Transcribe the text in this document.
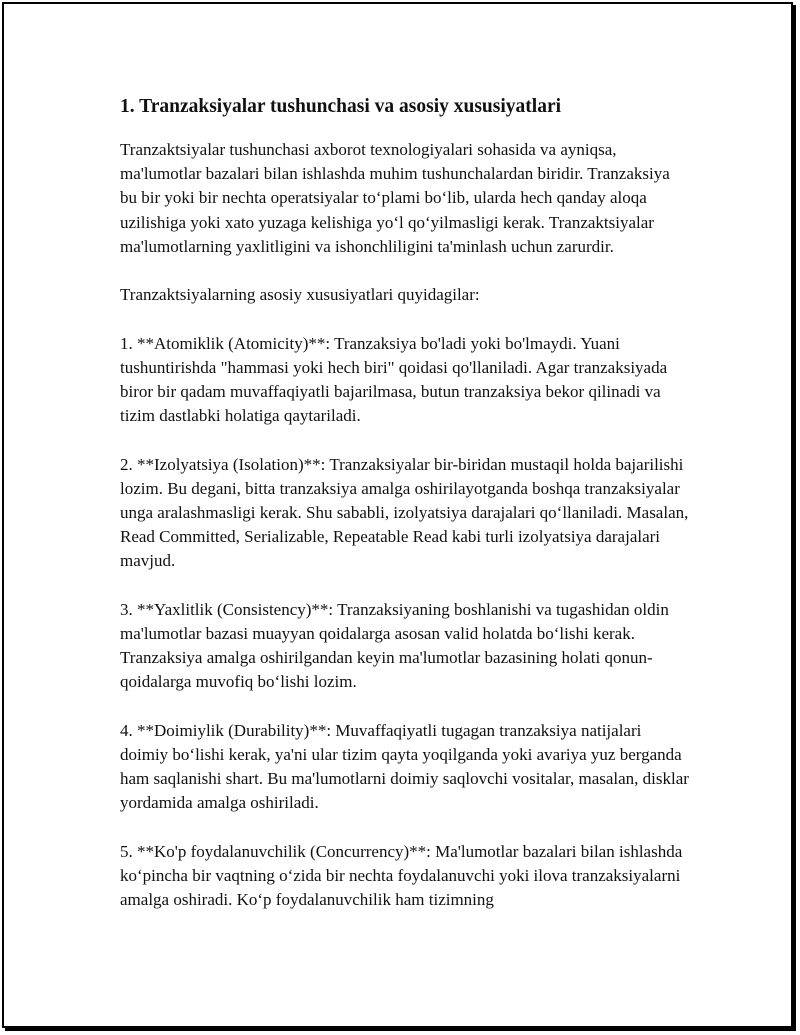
1. Tranzaksiyalar tushunchasi va asosiy xususiyatlari

Tranzaktsiyalar tushunchasi axborot texnologiyalari sohasida va ayniqsa, ma'lumotlar bazalari bilan ishlashda muhim tushunchalardan biridir. Tranzaksiya bu bir yoki bir nechta operatsiyalar to‘plami bo‘lib, ularda hech qanday aloqa uzilishiga yoki xato yuzaga kelishiga yo‘l qo‘yilmasligi kerak. Tranzaktsiyalar ma'lumotlarning yaxlitligini va ishonchliligini ta'minlash uchun zarurdir.

Tranzaktsiyalarning asosiy xususiyatlari quyidagilar:

1. **Atomiklik (Atomicity)**: Tranzaksiya bo'ladi yoki bo'lmaydi. Yuani tushuntirishda "hammasi yoki hech biri" qoidasi qo'llaniladi. Agar tranzaksiyada biror bir qadam muvaffaqiyatli bajarilmasa, butun tranzaksiya bekor qilinadi va tizim dastlabki holatiga qaytariladi.

2. **Izolyatsiya (Isolation)**: Tranzaksiyalar bir-biridan mustaqil holda bajarilishi lozim. Bu degani, bitta tranzaksiya amalga oshirilayotganda boshqa tranzaksiyalar unga aralashmasligi kerak. Shu sababli, izolyatsiya darajalari qo‘llaniladi. Masalan, Read Committed, Serializable, Repeatable Read kabi turli izolyatsiya darajalari mavjud.

3. **Yaxlitlik (Consistency)**: Tranzaksiyaning boshlanishi va tugashidan oldin ma'lumotlar bazasi muayyan qoidalarga asosan valid holatda bo‘lishi kerak. Tranzaksiya amalga oshirilgandan keyin ma'lumotlar bazasining holati qonun-qoidalarga muvofiq bo‘lishi lozim.

4. **Doimiylik (Durability)**: Muvaffaqiyatli tugagan tranzaksiya natijalari doimiy bo‘lishi kerak, ya'ni ular tizim qayta yoqilganda yoki avariya yuz berganda ham saqlanishi shart. Bu ma'lumotlarni doimiy saqlovchi vositalar, masalan, disklar yordamida amalga oshiriladi.

5. **Ko'p foydalanuvchilik (Concurrency)**: Ma'lumotlar bazalari bilan ishlashda ko‘pincha bir vaqtning o‘zida bir nechta foydalanuvchi yoki ilova tranzaksiyalarni amalga oshiradi. Ko‘p foydalanuvchilik ham tizimning
